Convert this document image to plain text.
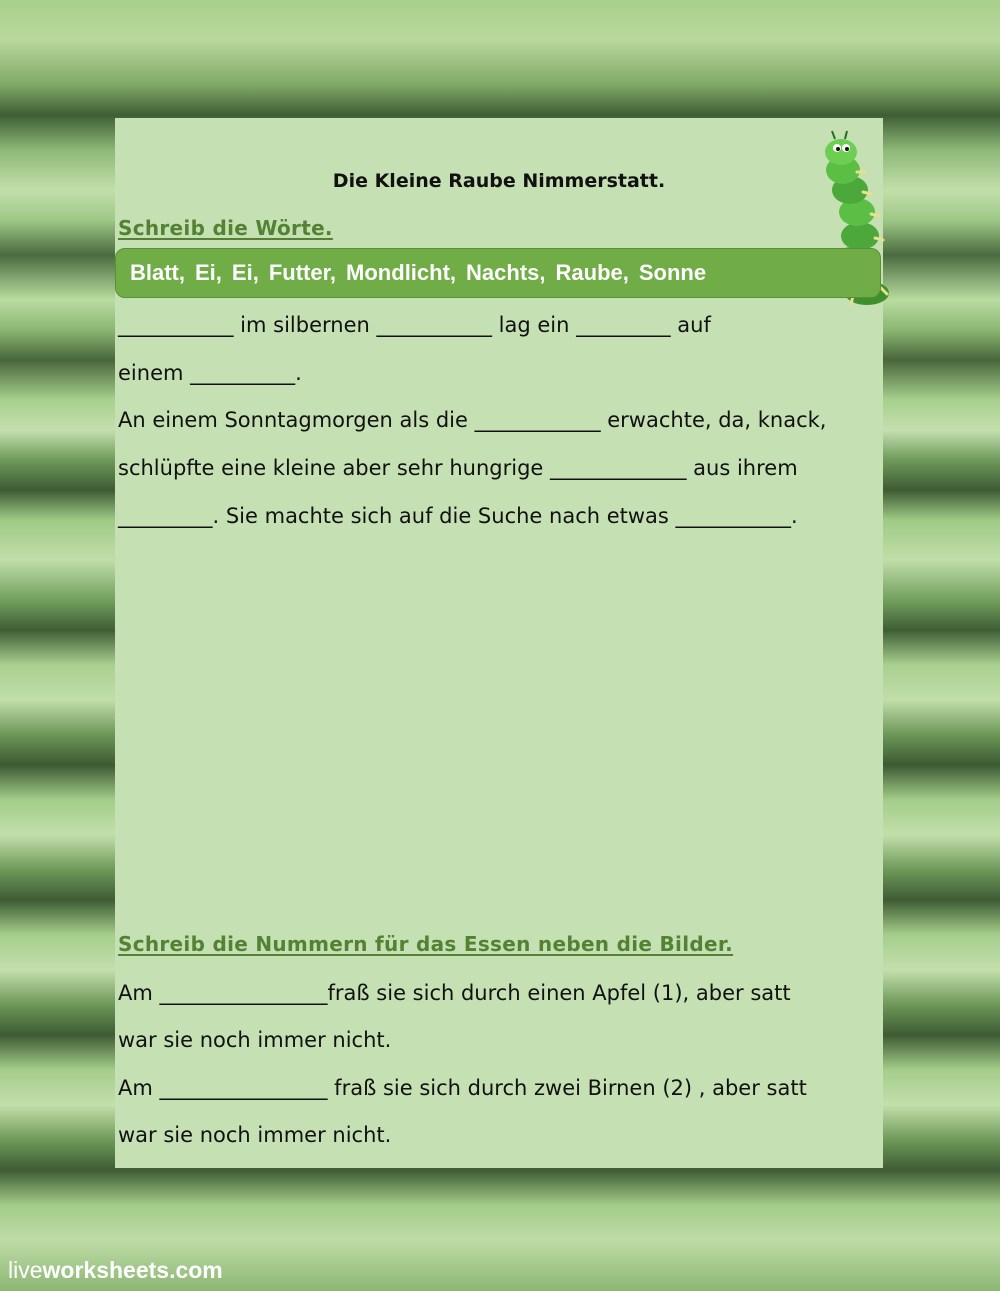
Die Kleine Raube Nimmerstatt.
Schreib die Wörte.
Blatt, Ei, Ei, Futter, Mondlicht, Nachts, Raube, Sonne
___________ im silbernen ___________ lag ein _________ auf
einem __________.
An einem Sonntagmorgen als die ____________ erwachte, da, knack,
schlüpfte eine kleine aber sehr hungrige _____________ aus ihrem
_________. Sie machte sich auf die Suche nach etwas ___________.
Schreib die Nummern für das Essen neben die Bilder.
Am ________________fraß sie sich durch einen Apfel (1), aber satt
war sie noch immer nicht.
Am ________________ fraß sie sich durch zwei Birnen (2) , aber satt
war sie noch immer nicht.
liveworksheets.com
